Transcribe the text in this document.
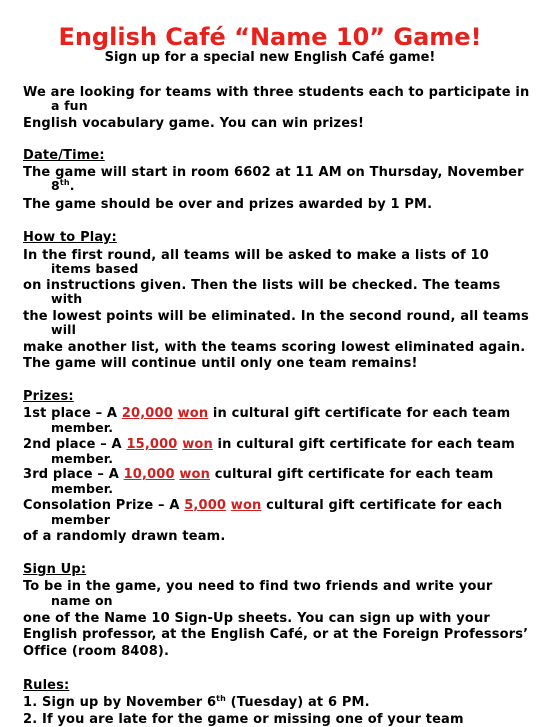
English Café “Name 10” Game!

Sign up for a special new English Café game!

We are looking for teams with three students each to participate in

a fun

English vocabulary game. You can win prizes!

Date/Time:

The game will start in room 6602 at 11 AM on Thursday, November

8th.

The game should be over and prizes awarded by 1 PM.

How to Play:

In the first round, all teams will be asked to make a lists of 10

items based

on instructions given. Then the lists will be checked. The teams

with

the lowest points will be eliminated. In the second round, all teams

will

make another list, with the teams scoring lowest eliminated again.

The game will continue until only one team remains!

Prizes:

1st place – A 20,000 won in cultural gift certificate for each team

member.

2nd place – A 15,000 won in cultural gift certificate for each team

member.

3rd place – A 10,000 won cultural gift certificate for each team

member.

Consolation Prize – A 5,000 won cultural gift certificate for each

member

of a randomly drawn team.

Sign Up:

To be in the game, you need to find two friends and write your

name on

one of the Name 10 Sign-Up sheets. You can sign up with your

English professor, at the English Café, or at the Foreign Professors’

Office (room 8408).

Rules:

1. Sign up by November 6th (Tuesday) at 6 PM.

2. If you are late for the game or missing one of your team
